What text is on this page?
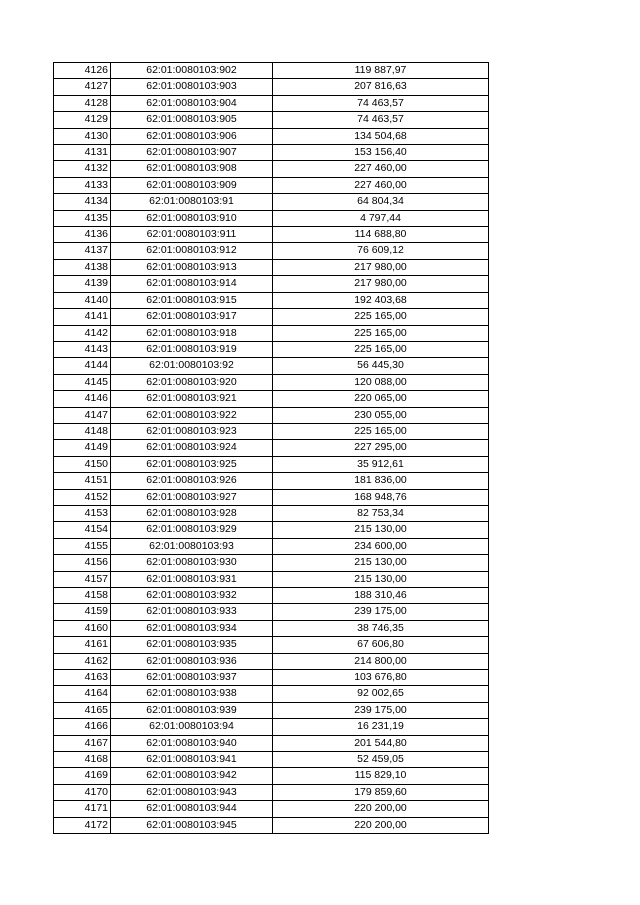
4126	62:01:0080103:902	119 887,97
4127	62:01:0080103:903	207 816,63
4128	62:01:0080103:904	74 463,57
4129	62:01:0080103:905	74 463,57
4130	62:01:0080103:906	134 504,68
4131	62:01:0080103:907	153 156,40
4132	62:01:0080103:908	227 460,00
4133	62:01:0080103:909	227 460,00
4134	62:01:0080103:91	64 804,34
4135	62:01:0080103:910	4 797,44
4136	62:01:0080103:911	114 688,80
4137	62:01:0080103:912	76 609,12
4138	62:01:0080103:913	217 980,00
4139	62:01:0080103:914	217 980,00
4140	62:01:0080103:915	192 403,68
4141	62:01:0080103:917	225 165,00
4142	62:01:0080103:918	225 165,00
4143	62:01:0080103:919	225 165,00
4144	62:01:0080103:92	56 445,30
4145	62:01:0080103:920	120 088,00
4146	62:01:0080103:921	220 065,00
4147	62:01:0080103:922	230 055,00
4148	62:01:0080103:923	225 165,00
4149	62:01:0080103:924	227 295,00
4150	62:01:0080103:925	35 912,61
4151	62:01:0080103:926	181 836,00
4152	62:01:0080103:927	168 948,76
4153	62:01:0080103:928	82 753,34
4154	62:01:0080103:929	215 130,00
4155	62:01:0080103:93	234 600,00
4156	62:01:0080103:930	215 130,00
4157	62:01:0080103:931	215 130,00
4158	62:01:0080103:932	188 310,46
4159	62:01:0080103:933	239 175,00
4160	62:01:0080103:934	38 746,35
4161	62:01:0080103:935	67 606,80
4162	62:01:0080103:936	214 800,00
4163	62:01:0080103:937	103 676,80
4164	62:01:0080103:938	92 002,65
4165	62:01:0080103:939	239 175,00
4166	62:01:0080103:94	16 231,19
4167	62:01:0080103:940	201 544,80
4168	62:01:0080103:941	52 459,05
4169	62:01:0080103:942	115 829,10
4170	62:01:0080103:943	179 859,60
4171	62:01:0080103:944	220 200,00
4172	62:01:0080103:945	220 200,00
